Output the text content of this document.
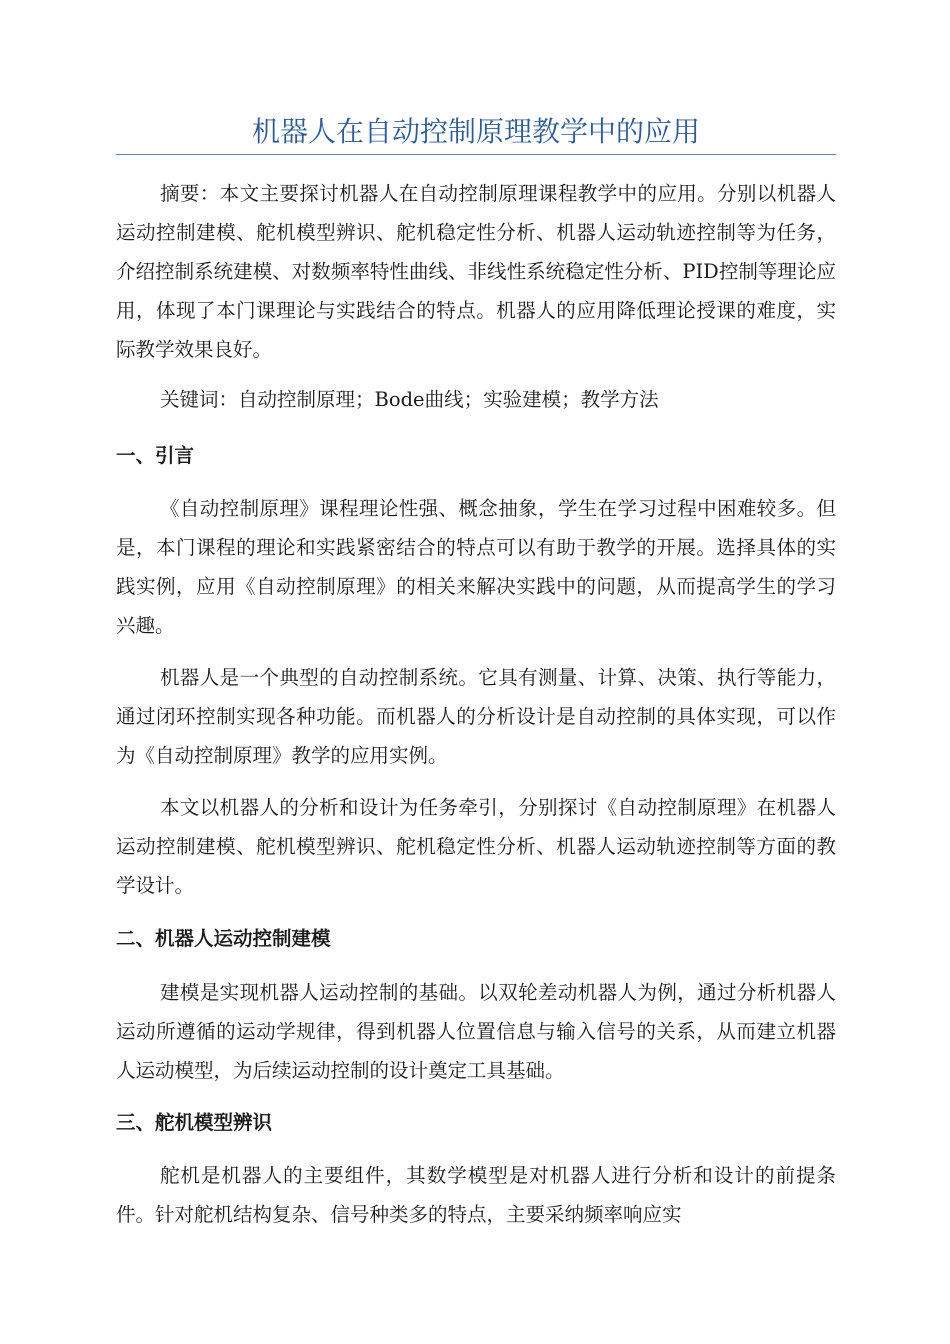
机器人在自动控制原理教学中的应用

摘要：本文主要探讨机器人在自动控制原理课程教学中的应用。分别以机器人运动控制建模、舵机模型辨识、舵机稳定性分析、机器人运动轨迹控制等为任务，介绍控制系统建模、对数频率特性曲线、非线性系统稳定性分析、PID控制等理论应用，体现了本门课理论与实践结合的特点。机器人的应用降低理论授课的难度，实际教学效果良好。

关键词：自动控制原理；Bode曲线；实验建模；教学方法

一、引言

《自动控制原理》课程理论性强、概念抽象，学生在学习过程中困难较多。但是，本门课程的理论和实践紧密结合的特点可以有助于教学的开展。选择具体的实践实例，应用《自动控制原理》的相关来解决实践中的问题，从而提高学生的学习兴趣。

机器人是一个典型的自动控制系统。它具有测量、计算、决策、执行等能力，通过闭环控制实现各种功能。而机器人的分析设计是自动控制的具体实现，可以作为《自动控制原理》教学的应用实例。

本文以机器人的分析和设计为任务牵引，分别探讨《自动控制原理》在机器人运动控制建模、舵机模型辨识、舵机稳定性分析、机器人运动轨迹控制等方面的教学设计。

二、机器人运动控制建模

建模是实现机器人运动控制的基础。以双轮差动机器人为例，通过分析机器人运动所遵循的运动学规律，得到机器人位置信息与输入信号的关系，从而建立机器人运动模型，为后续运动控制的设计奠定工具基础。

三、舵机模型辨识

舵机是机器人的主要组件，其数学模型是对机器人进行分析和设计的前提条件。针对舵机结构复杂、信号种类多的特点，主要采纳频率响应实
